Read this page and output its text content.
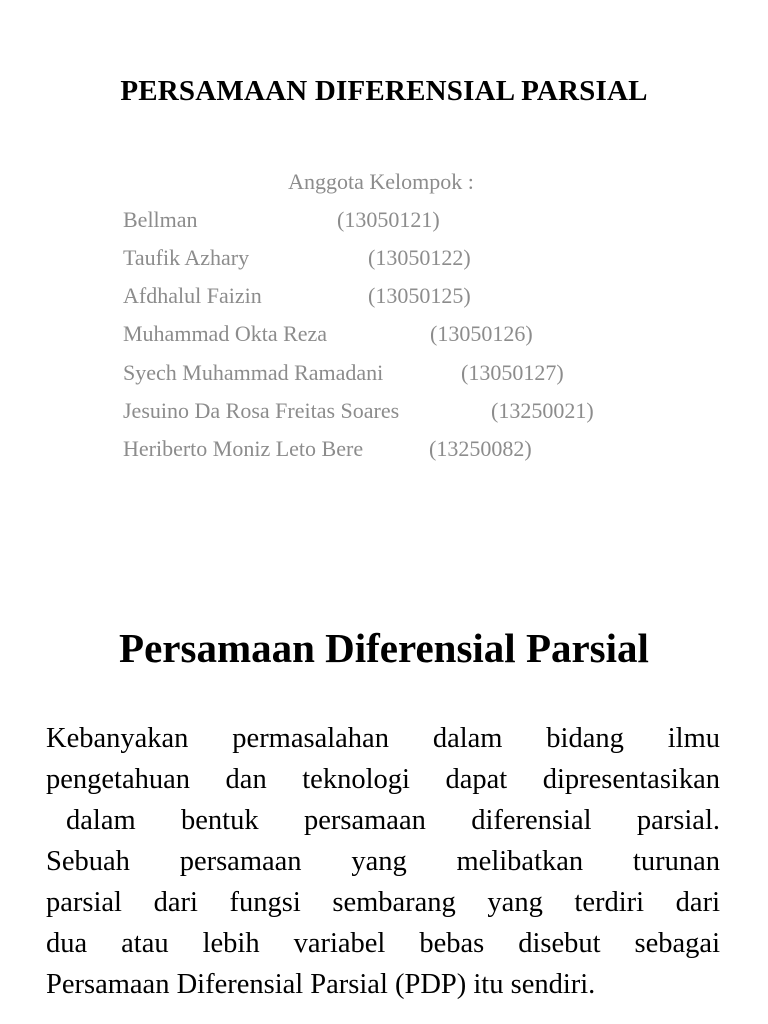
PERSAMAAN DIFERENSIAL PARSIAL
Anggota Kelompok :
Bellman	(13050121)
Taufik Azhary	(13050122)
Afdhalul Faizin	(13050125)
Muhammad Okta Reza	(13050126)
Syech Muhammad Ramadani	(13050127)
Jesuino Da Rosa Freitas Soares	(13250021)
Heriberto Moniz Leto Bere	(13250082)
Persamaan Diferensial Parsial
Kebanyakan permasalahan dalam bidang ilmu
pengetahuan dan teknologi dapat dipresentasikan
dalam bentuk persamaan diferensial parsial.
Sebuah persamaan yang melibatkan turunan
parsial dari fungsi sembarang yang terdiri dari
dua atau lebih variabel bebas disebut sebagai
Persamaan Diferensial Parsial (PDP) itu sendiri.
